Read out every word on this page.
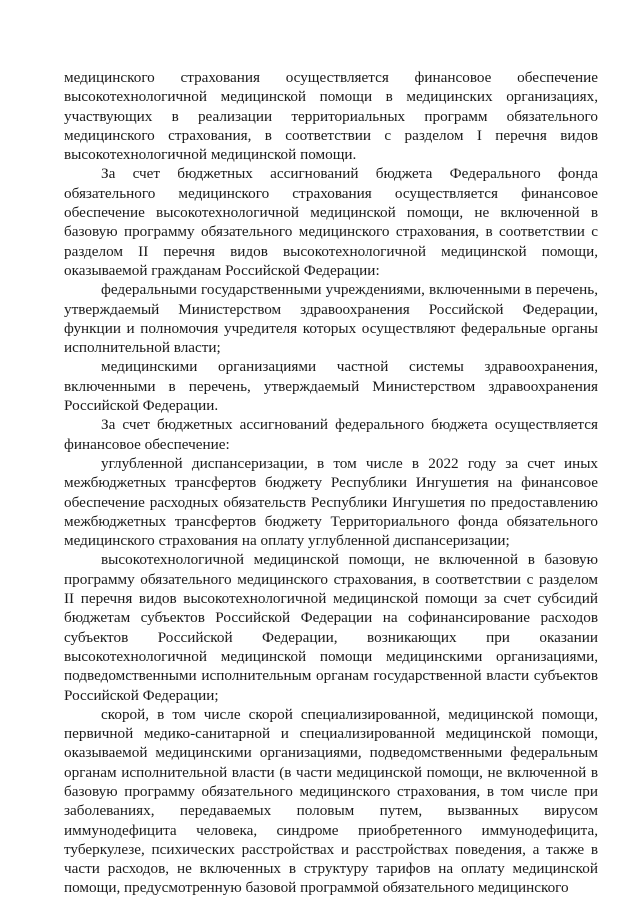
медицинского страхования осуществляется финансовое обеспечение высокотехнологичной медицинской помощи в медицинских организациях, участвующих в реализации территориальных программ обязательного медицинского страхования, в соответствии с разделом I перечня видов высокотехнологичной медицинской помощи.

За счет бюджетных ассигнований бюджета Федерального фонда обязательного медицинского страхования осуществляется финансовое обеспечение высокотехнологичной медицинской помощи, не включенной в базовую программу обязательного медицинского страхования, в соответствии с разделом II перечня видов высокотехнологичной медицинской помощи, оказываемой гражданам Российской Федерации:

федеральными государственными учреждениями, включенными в перечень, утверждаемый Министерством здравоохранения Российской Федерации, функции и полномочия учредителя которых осуществляют федеральные органы исполнительной власти;

медицинскими организациями частной системы здравоохранения, включенными в перечень, утверждаемый Министерством здравоохранения Российской Федерации.

За счет бюджетных ассигнований федерального бюджета осуществляется финансовое обеспечение:

углубленной диспансеризации, в том числе в 2022 году за счет иных межбюджетных трансфертов бюджету Республики Ингушетия на финансовое обеспечение расходных обязательств Республики Ингушетия по предоставлению межбюджетных трансфертов бюджету Территориального фонда обязательного медицинского страхования на оплату углубленной диспансеризации;

высокотехнологичной медицинской помощи, не включенной в базовую программу обязательного медицинского страхования, в соответствии с разделом II перечня видов высокотехнологичной медицинской помощи за счет субсидий бюджетам субъектов Российской Федерации на софинансирование расходов субъектов Российской Федерации, возникающих при оказании высокотехнологичной медицинской помощи медицинскими организациями, подведомственными исполнительным органам государственной власти субъектов Российской Федерации;

скорой, в том числе скорой специализированной, медицинской помощи, первичной медико-санитарной и специализированной медицинской помощи, оказываемой медицинскими организациями, подведомственными федеральным органам исполнительной власти (в части медицинской помощи, не включенной в базовую программу обязательного медицинского страхования, в том числе при заболеваниях, передаваемых половым путем, вызванных вирусом иммунодефицита человека, синдроме приобретенного иммунодефицита, туберкулезе, психических расстройствах и расстройствах поведения, а также в части расходов, не включенных в структуру тарифов на оплату медицинской помощи, предусмотренную базовой программой обязательного медицинского
